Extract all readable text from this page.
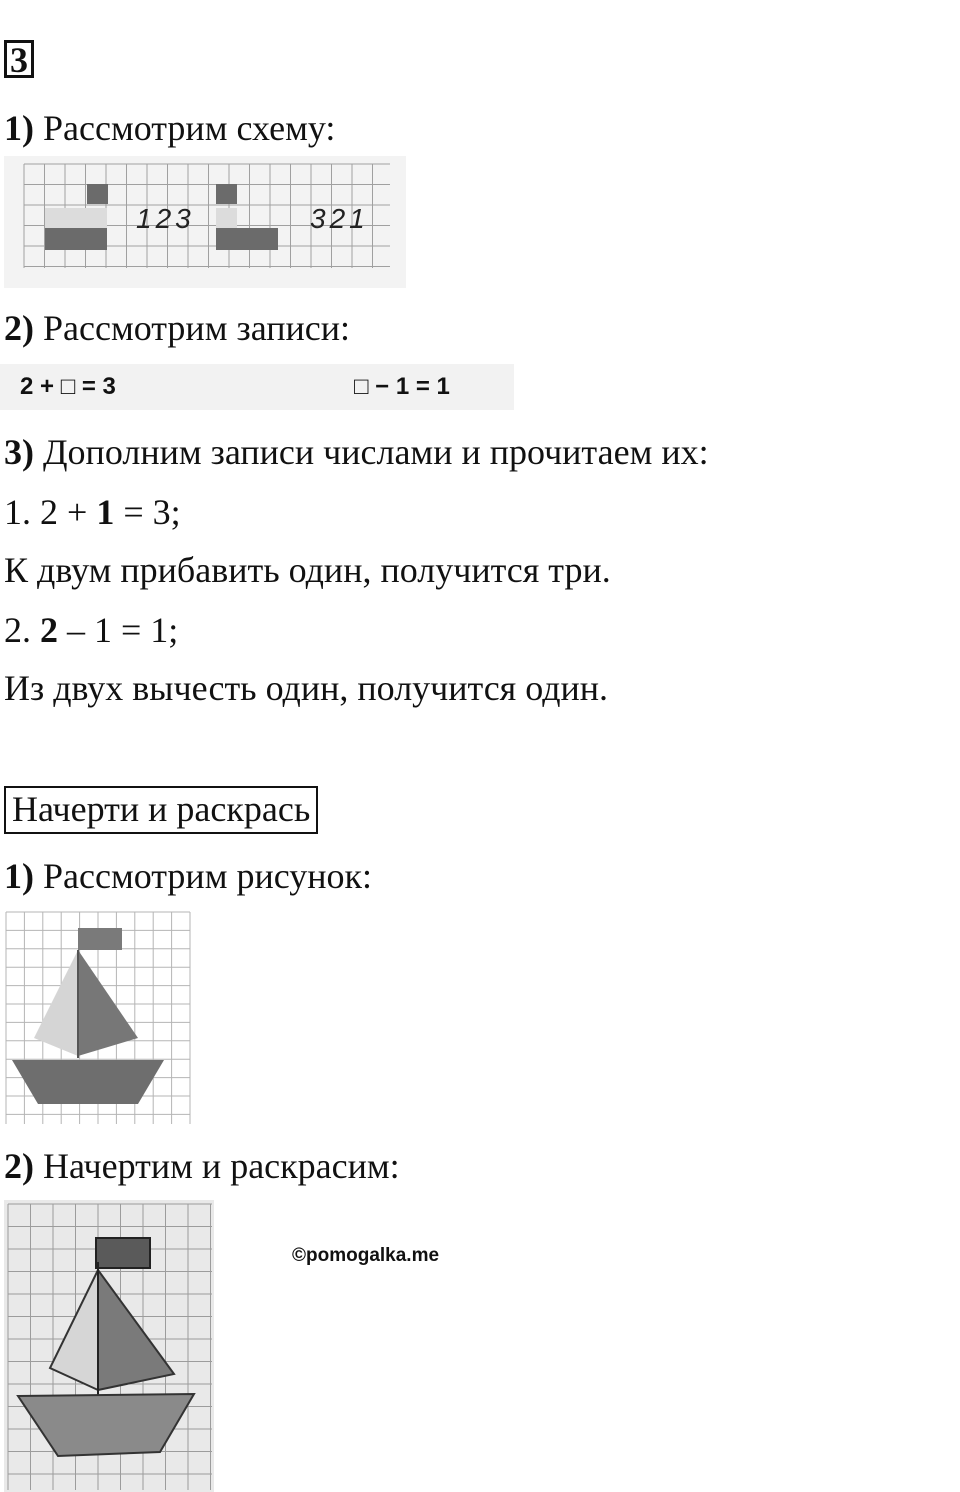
3
1) Рассмотрим схему:
123	321
2) Рассмотрим записи:
2 + □ = 3	□ − 1 = 1
3) Дополним записи числами и прочитаем их:
1. 2 + 1 = 3;
К двум прибавить один, получится три.
2. 2 – 1 = 1;
Из двух вычесть один, получится один.
Начерти и раскрась
1) Рассмотрим рисунок:
2) Начертим и раскрасим:
©pomogalka.me
